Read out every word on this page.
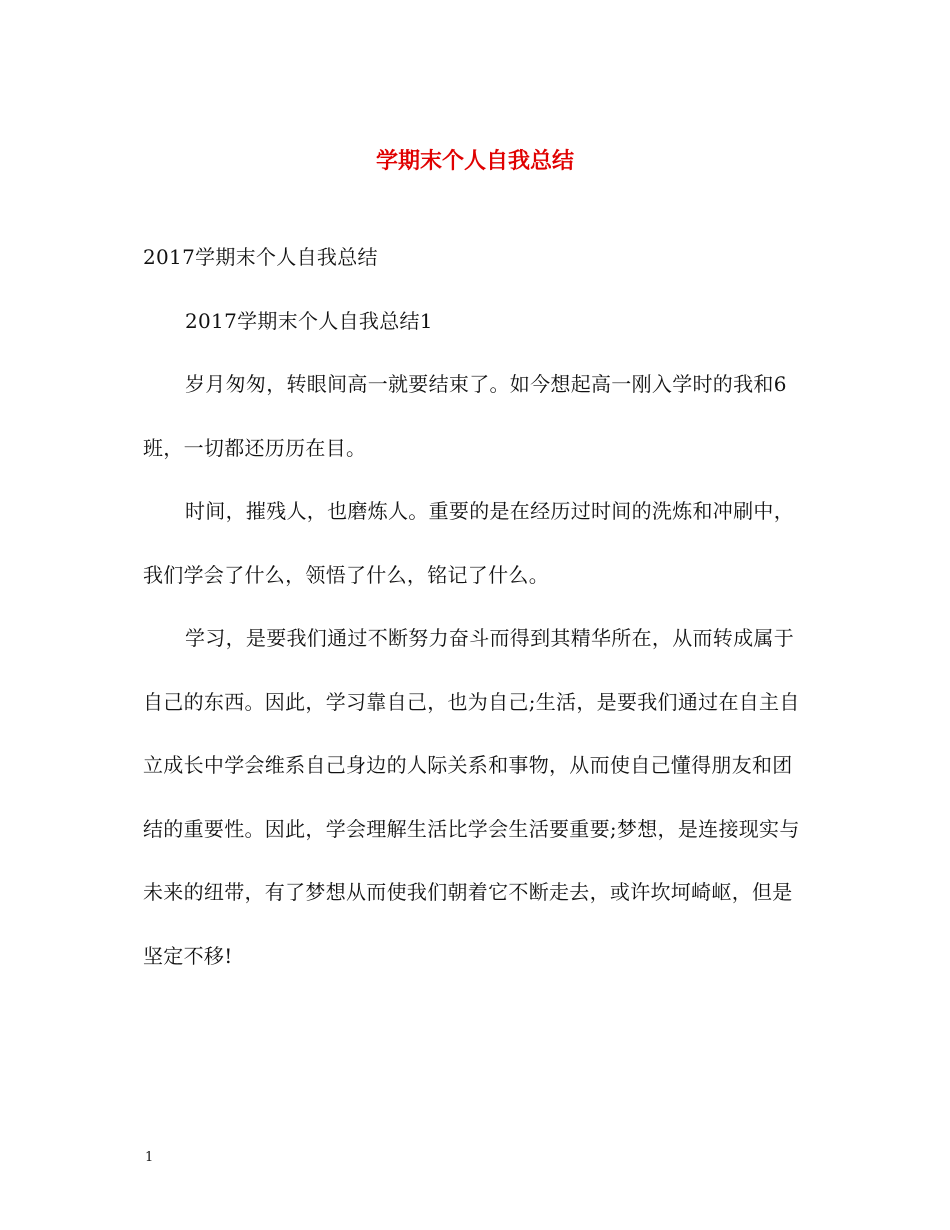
学期末个人自我总结

2017学期末个人自我总结

2017学期末个人自我总结1

岁月匆匆，转眼间高一就要结束了。如今想起高一刚入学时的我和6班，一切都还历历在目。

时间，摧残人，也磨炼人。重要的是在经历过时间的洗炼和冲刷中，我们学会了什么，领悟了什么，铭记了什么。

学习，是要我们通过不断努力奋斗而得到其精华所在，从而转成属于自己的东西。因此，学习靠自己，也为自己;生活，是要我们通过在自主自立成长中学会维系自己身边的人际关系和事物，从而使自己懂得朋友和团结的重要性。因此，学会理解生活比学会生活要重要;梦想，是连接现实与未来的纽带，有了梦想从而使我们朝着它不断走去，或许坎坷崎岖，但是坚定不移!

1
